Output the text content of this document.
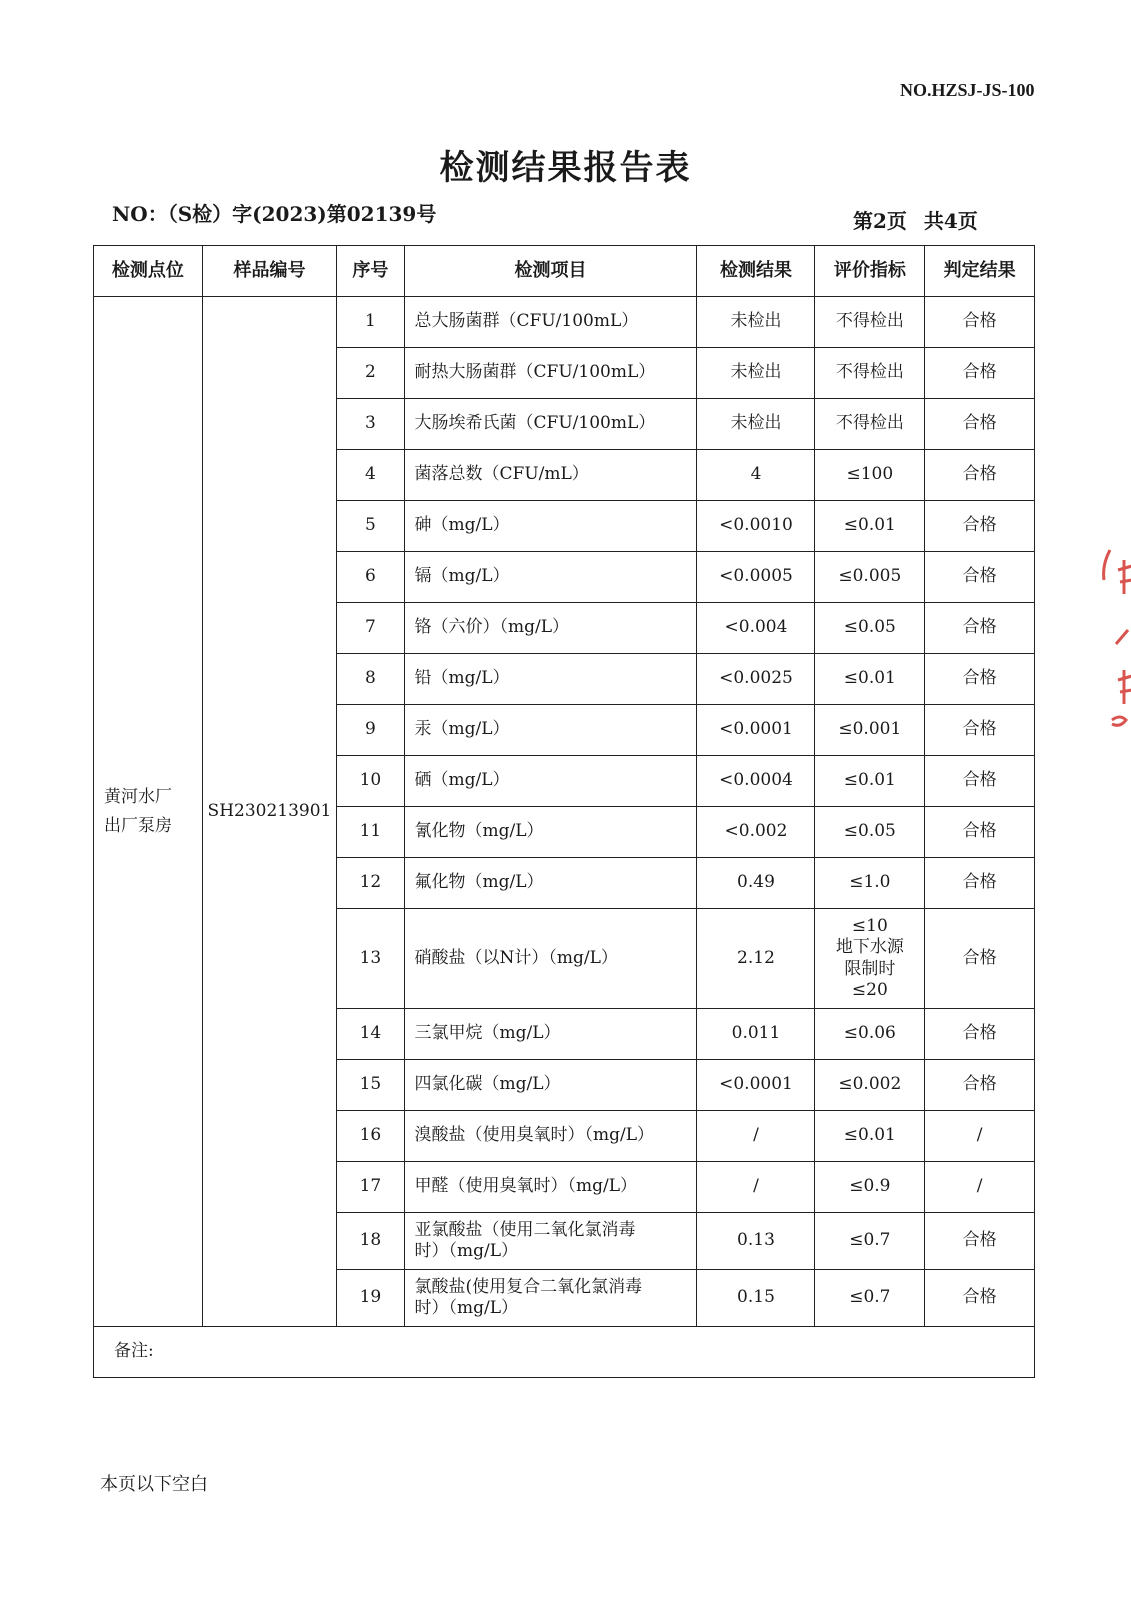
NO.HZSJ-JS-100
检测结果报告表
NO：（S检）字(2023)第02139号	第2页 共4页
检测点位	样品编号	序号	检测项目	检测结果	评价指标	判定结果

黄河水厂
出厂泵房	SH230213901	1	总大肠菌群（CFU/100mL）	未检出	不得检出	合格
		2	耐热大肠菌群（CFU/100mL）	未检出	不得检出	合格
		3	大肠埃希氏菌（CFU/100mL）	未检出	不得检出	合格
		4	菌落总数（CFU/mL）	4	≤100	合格
		5	砷（mg/L）	<0.0010	≤0.01	合格
		6	镉（mg/L）	<0.0005	≤0.005	合格
		7	铬（六价）（mg/L）	<0.004	≤0.05	合格
		8	铅（mg/L）	<0.0025	≤0.01	合格
		9	汞（mg/L）	<0.0001	≤0.001	合格
		10	硒（mg/L）	<0.0004	≤0.01	合格
		11	氰化物（mg/L）	<0.002	≤0.05	合格
		12	氟化物（mg/L）	0.49	≤1.0	合格
		13	硝酸盐（以N计）（mg/L）	2.12	≤10
地下水源
限制时
≤20	合格
		14	三氯甲烷（mg/L）	0.011	≤0.06	合格
		15	四氯化碳（mg/L）	<0.0001	≤0.002	合格
		16	溴酸盐（使用臭氧时）（mg/L）	/	≤0.01	/
		17	甲醛（使用臭氧时）（mg/L）	/	≤0.9	/
		18	亚氯酸盐（使用二氧化氯消毒
时）（mg/L）	0.13	≤0.7	合格
		19	氯酸盐(使用复合二氧化氯消毒
时）（mg/L）	0.15	≤0.7	合格
备注:						
本页以下空白
